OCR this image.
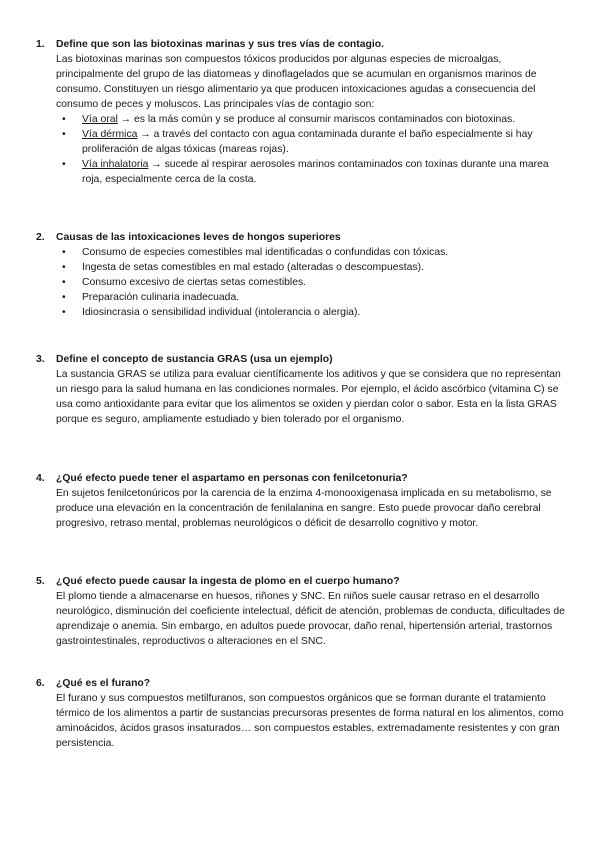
1. Define que son las biotoxinas marinas y sus tres vías de contagio.

Las biotoxinas marinas son compuestos tóxicos producidos por algunas especies de microalgas, principalmente del grupo de las diatomeas y dinoflagelados que se acumulan en organismos marinos de consumo. Constituyen un riesgo alimentario ya que producen intoxicaciones agudas a consecuencia del consumo de peces y moluscos. Las principales vías de contagio son:

• Vía oral → es la más común y se produce al consumir mariscos contaminados con biotoxinas.
• Vía dérmica → a través del contacto con agua contaminada durante el baño especialmente si hay proliferación de algas tóxicas (mareas rojas).
• Vía inhalatoria → sucede al respirar aerosoles marinos contaminados con toxinas durante una marea roja, especialmente cerca de la costa.
2. Causas de las intoxicaciones leves de hongos superiores
• Consumo de especies comestibles mal identificadas o confundidas con tóxicas.
• Ingesta de setas comestibles en mal estado (alteradas o descompuestas).
• Consumo excesivo de ciertas setas comestibles.
• Preparación culinaria inadecuada.
• Idiosincrasia o sensibilidad individual (intolerancia o alergia).
3. Define el concepto de sustancia GRAS (usa un ejemplo)

La sustancia GRAS se utiliza para evaluar científicamente los aditivos y que se considera que no representan un riesgo para la salud humana en las condiciones normales. Por ejemplo, el ácido ascórbico (vitamina C) se usa como antioxidante para evitar que los alimentos se oxiden y pierdan color o sabor. Esta en la lista GRAS porque es seguro, ampliamente estudiado y bien tolerado por el organismo.

4. ¿Qué efecto puede tener el aspartamo en personas con fenilcetonuria?

En sujetos fenilcetonúricos por la carencia de la enzima 4-monooxigenasa implicada en su metabolismo, se produce una elevación en la concentración de fenilalanina en sangre. Esto puede provocar daño cerebral progresivo, retraso mental, problemas neurológicos o déficit de desarrollo cognitivo y motor.

5. ¿Qué efecto puede causar la ingesta de plomo en el cuerpo humano?

El plomo tiende a almacenarse en huesos, riñones y SNC. En niños suele causar retraso en el desarrollo neurológico, disminución del coeficiente intelectual, déficit de atención, problemas de conducta, dificultades de aprendizaje o anemia. Sin embargo, en adultos puede provocar, daño renal, hipertensión arterial, trastornos gastrointestinales, reproductivos o alteraciones en el SNC.

6. ¿Qué es el furano?

El furano y sus compuestos metilfuranos, son compuestos orgánicos que se forman durante el tratamiento térmico de los alimentos a partir de sustancias precursoras presentes de forma natural en los alimentos, como aminoácidos, ácidos grasos insaturados… son compuestos estables, extremadamente resistentes y con gran persistencia.
